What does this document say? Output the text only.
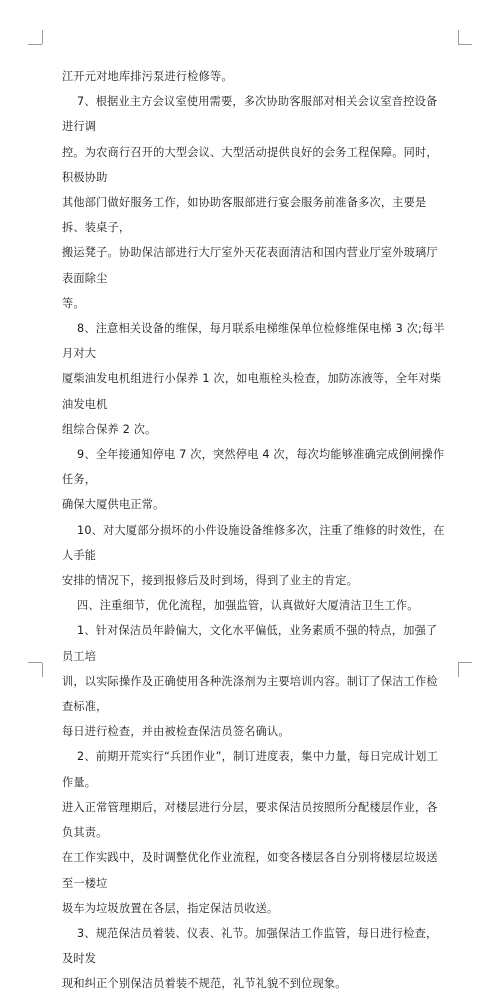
江开元对地库排污泵进行检修等。

7、根据业主方会议室使用需要，多次协助客服部对相关会议室音控设备进行调

控。为农商行召开的大型会议、大型活动提供良好的会务工程保障。同时，积极协助

其他部门做好服务工作，如协助客服部进行宴会服务前准备多次，主要是拆、装桌子，

搬运凳子。协助保洁部进行大厅室外天花表面清洁和国内营业厅室外玻璃厅表面除尘

等。

8、注意相关设备的维保，每月联系电梯维保单位检修维保电梯 3 次;每半月对大

厦柴油发电机组进行小保养 1 次，如电瓶栓头检查，加防冻液等，全年对柴油发电机

组综合保养 2 次。

9、全年接通知停电 7 次，突然停电 4 次，每次均能够准确完成倒闸操作任务，

确保大厦供电正常。

10、对大厦部分损坏的小件设施设备维修多次，注重了维修的时效性，在人手能

安排的情况下，接到报修后及时到场，得到了业主的肯定。

四、注重细节，优化流程，加强监管，认真做好大厦清洁卫生工作。

1、针对保洁员年龄偏大，文化水平偏低，业务素质不强的特点，加强了员工培

训，以实际操作及正确使用各种洗涤剂为主要培训内容。制订了保洁工作检查标准，

每日进行检查，并由被检查保洁员签名确认。

2、前期开荒实行“兵团作业”，制订进度表，集中力量，每日完成计划工作量。

进入正常管理期后，对楼层进行分层，要求保洁员按照所分配楼层作业，各负其责。

在工作实践中，及时调整优化作业流程，如变各楼层各自分别将楼层垃圾送至一楼垃

圾车为垃圾放置在各层，指定保洁员收送。

3、规范保洁员着装、仪表、礼节。加强保洁工作监管，每日进行检查，及时发

现和纠正个别保洁员着装不规范，礼节礼貌不到位现象。
